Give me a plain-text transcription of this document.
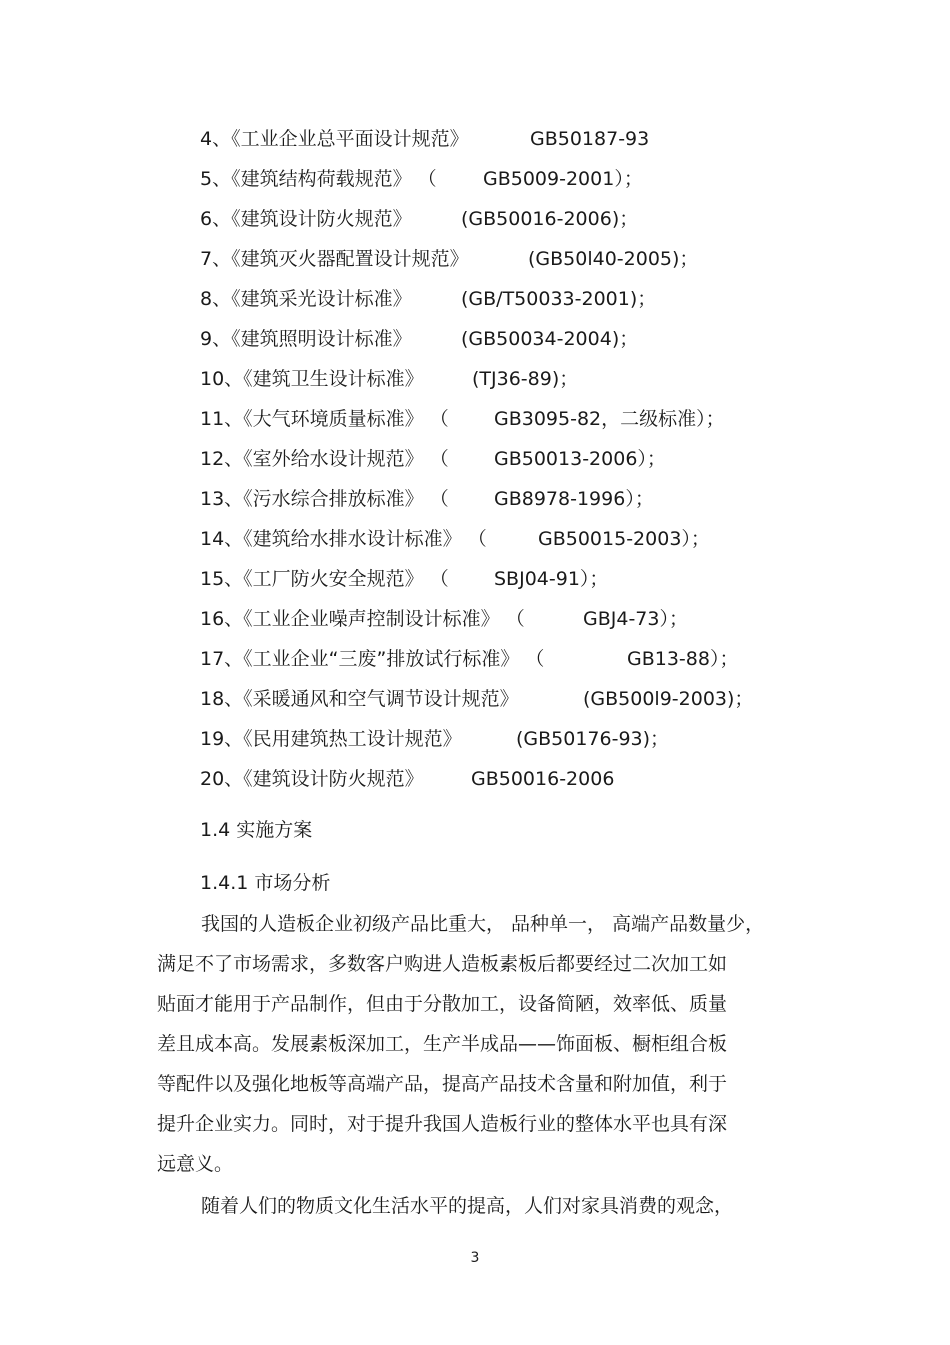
4、《工业企业总平面设计规范》	GB50187-93
5、《建筑结构荷载规范》 （ GB5009-2001）；
6、《建筑设计防火规范》	(GB50016-2006)；
7、《建筑灭火器配置设计规范》	(GB50l40-2005)；
8、《建筑采光设计标准》	(GB/T50033-2001)；
9、《建筑照明设计标准》	(GB50034-2004)；
10、《建筑卫生设计标准》	(TJ36-89)；
11、《大气环境质量标准》 （ GB3095-82，二级标准）；
12、《室外给水设计规范》 （ GB50013-2006）；
13、《污水综合排放标准》 （ GB8978-1996）；
14、《建筑给水排水设计标准》 （	GB50015-2003）；
15、《工厂防火安全规范》 （ SBJ04-91）；
16、《工业企业噪声控制设计标准》 （	GBJ4-73）；
17、《工业企业“三废”排放试行标准》 （	GB13-88）；
18、《采暖通风和空气调节设计规范》	(GB500l9-2003)；
19、《民用建筑热工设计规范》	(GB50176-93)；
20、《建筑设计防火规范》 GB50016-2006
1.4 实施方案
1.4.1 市场分析
我国的人造板企业初级产品比重大， 品种单一， 高端产品数量少，
满足不了市场需求，多数客户购进人造板素板后都要经过二次加工如
贴面才能用于产品制作，但由于分散加工，设备简陋，效率低、质量
差且成本高。发展素板深加工，生产半成品——饰面板、橱柜组合板
等配件以及强化地板等高端产品，提高产品技术含量和附加值，利于
提升企业实力。同时，对于提升我国人造板行业的整体水平也具有深
远意义。
随着人们的物质文化生活水平的提高，人们对家具消费的观念，
3
